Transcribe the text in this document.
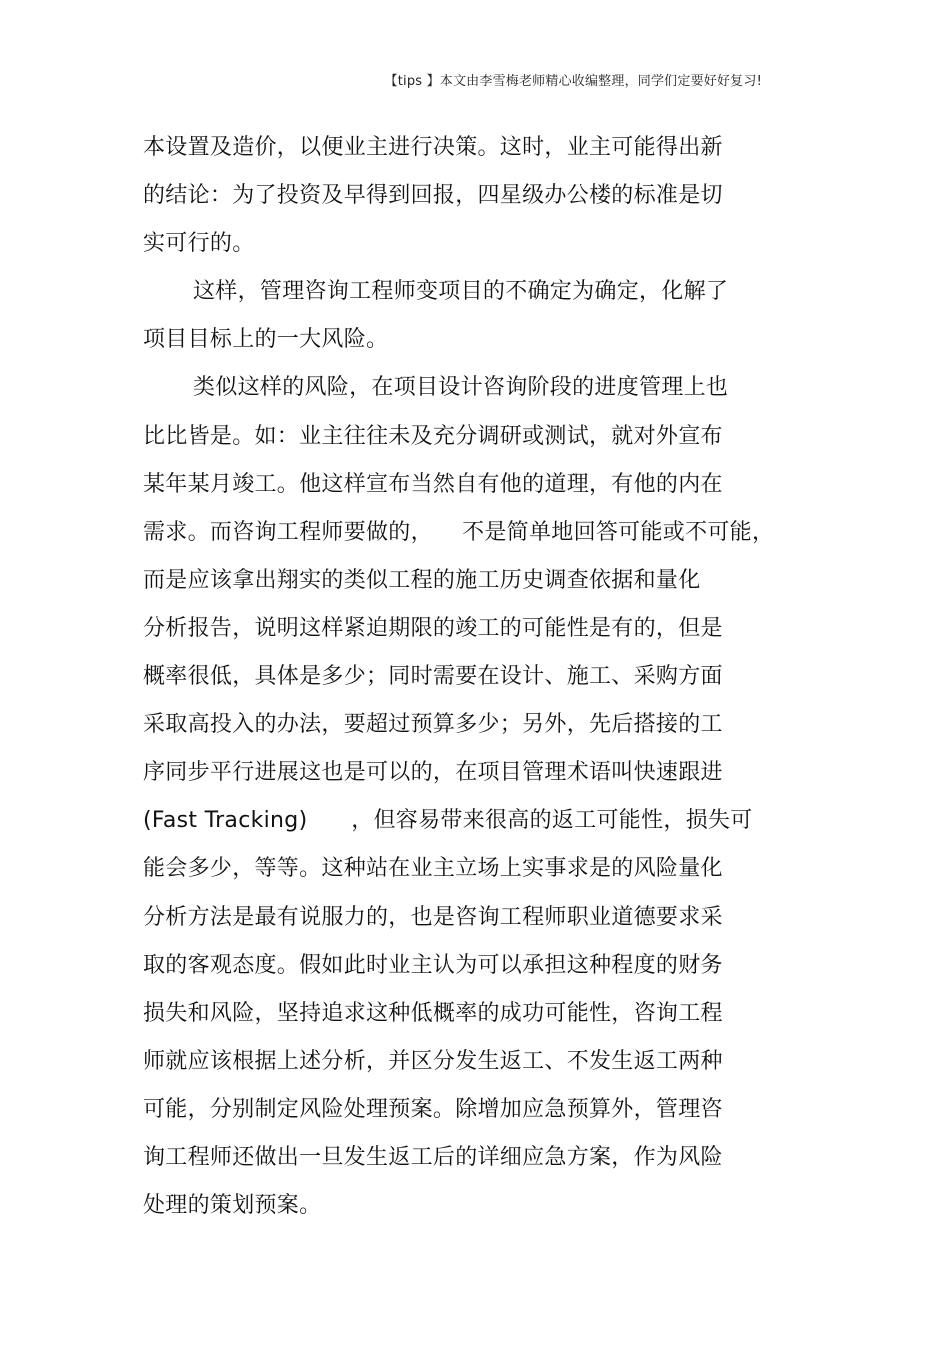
【tips 】本文由李雪梅老师精心收编整理，同学们定要好好复习!
本设置及造价，以便业主进行决策。这时，业主可能得出新
的结论：为了投资及早得到回报，四星级办公楼的标准是切
实可行的。
这样，管理咨询工程师变项目的不确定为确定，化解了
项目目标上的一大风险。
类似这样的风险，在项目设计咨询阶段的进度管理上也
比比皆是。如：业主往往未及充分调研或测试，就对外宣布
某年某月竣工。他这样宣布当然自有他的道理，有他的内在
需求。而咨询工程师要做的，    不是简单地回答可能或不可能，
而是应该拿出翔实的类似工程的施工历史调查依据和量化
分析报告，说明这样紧迫期限的竣工的可能性是有的，但是
概率很低，具体是多少；同时需要在设计、施工、采购方面
采取高投入的办法，要超过预算多少；另外，先后搭接的工
序同步平行进展这也是可以的，在项目管理术语叫快速跟进
(Fast Tracking)      ，但容易带来很高的返工可能性，损失可
能会多少，等等。这种站在业主立场上实事求是的风险量化
分析方法是最有说服力的，也是咨询工程师职业道德要求采
取的客观态度。假如此时业主认为可以承担这种程度的财务
损失和风险，坚持追求这种低概率的成功可能性，咨询工程
师就应该根据上述分析，并区分发生返工、不发生返工两种
可能，分别制定风险处理预案。除增加应急预算外，管理咨
询工程师还做出一旦发生返工后的详细应急方案，作为风险
处理的策划预案。
